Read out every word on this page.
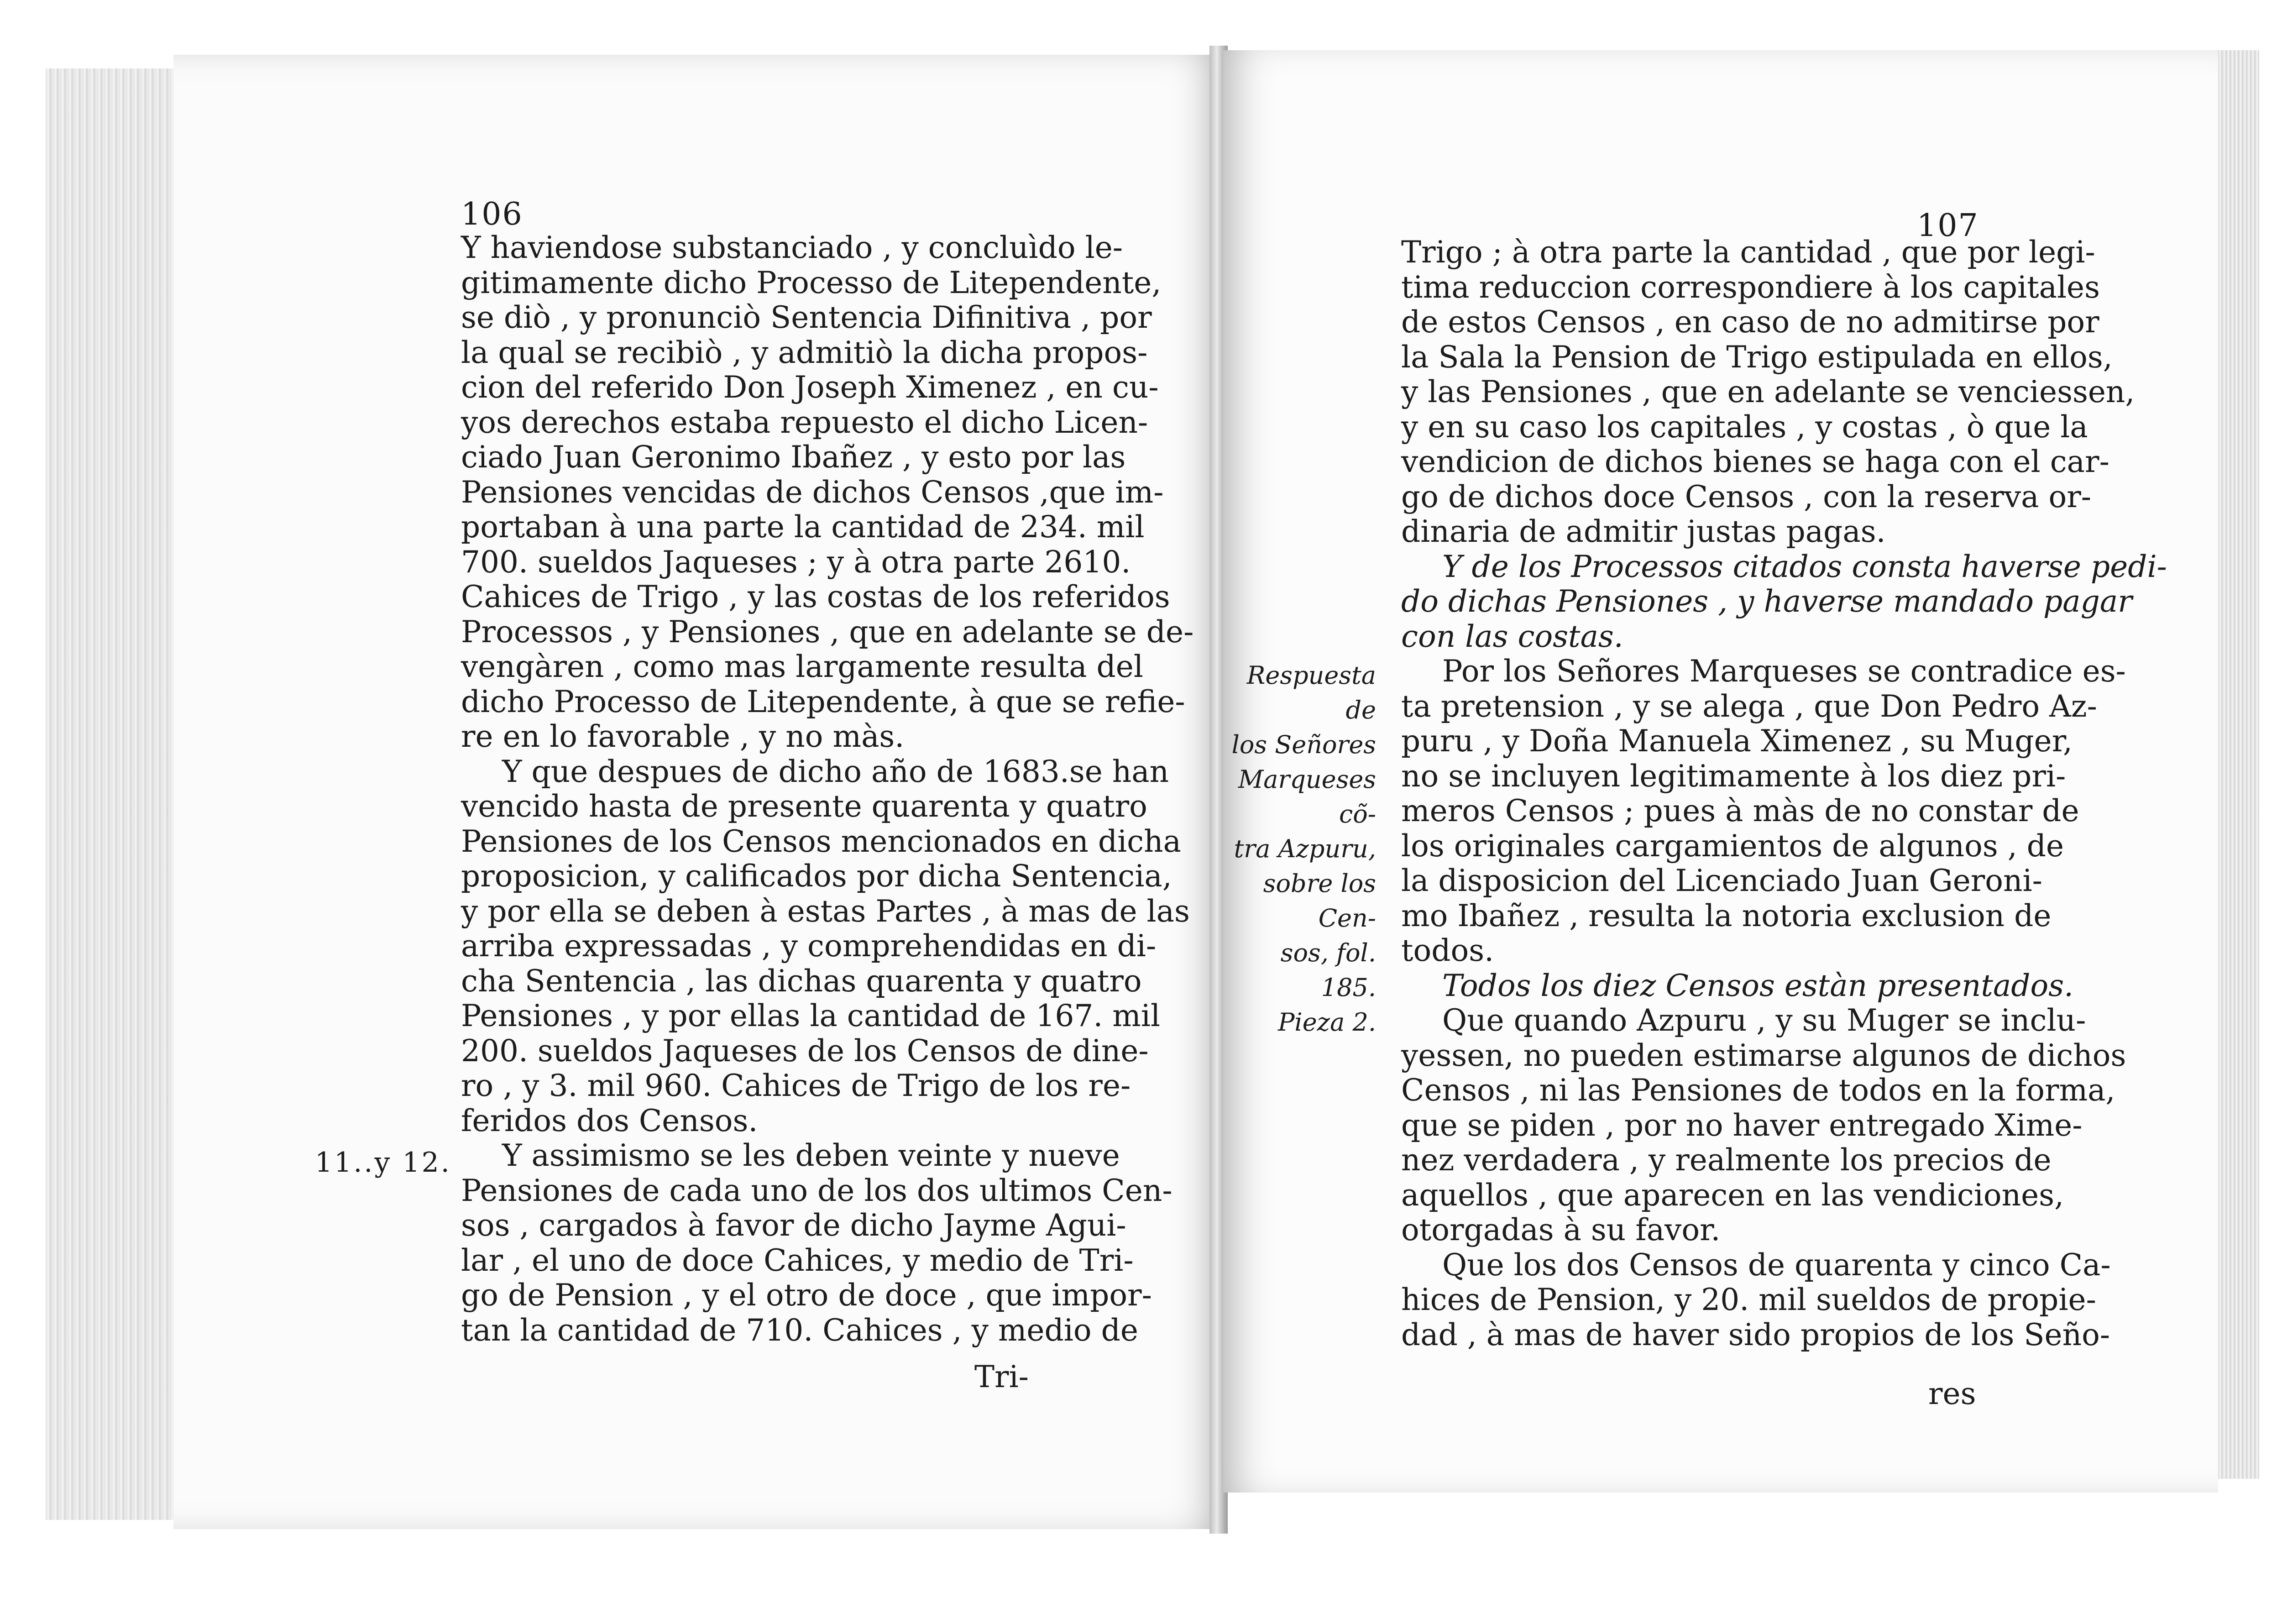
106

Y haviendose substanciado , y concluìdo le-
gitimamente dicho Processo de Litependente,
se diò , y pronunciò Sentencia Difinitiva , por
la qual se recibiò , y admitiò la dicha propos-
cion del referido Don Joseph Ximenez , en cu-
yos derechos estaba repuesto el dicho Licen-
ciado Juan Geronimo Ibañez , y esto por las
Pensiones vencidas de dichos Censos ,que im-
portaban à una parte la cantidad de 234. mil
700. sueldos Jaqueses ; y à otra parte 2610.
Cahices de Trigo , y las costas de los referidos
Processos , y Pensiones , que en adelante se de-
vengàren , como mas largamente resulta del
dicho Processo de Litependente, à que se refie-
re en lo favorable , y no màs.

Y que despues de dicho año de 1683.se han
vencido hasta de presente quarenta y quatro
Pensiones de los Censos mencionados en dicha
proposicion, y calificados por dicha Sentencia,
y por ella se deben à estas Partes , à mas de las
arriba expressadas , y comprehendidas en di-
cha Sentencia , las dichas quarenta y quatro
Pensiones , y por ellas la cantidad de 167. mil
200. sueldos Jaqueses de los Censos de dine-
ro , y 3. mil 960. Cahices de Trigo de los re-
feridos dos Censos.

Y assimismo se les deben veinte y nueve
Pensiones de cada uno de los dos ultimos Cen-
sos , cargados à favor de dicho Jayme Agui-
lar , el uno de doce Cahices, y medio de Tri-
go de Pension , y el otro de doce , que impor-
tan la cantidad de 710. Cahices , y medio de

11..y 12.
Tri-
107
Respuesta de
los Señores
Marqueses cõ-
tra Azpuru,
sobre los Cen-
sos, fol. 185.
Pieza 2.

Trigo ; à otra parte la cantidad , que por legi-
tima reduccion correspondiere à los capitales
de estos Censos , en caso de no admitirse por
la Sala la Pension de Trigo estipulada en ellos,
y las Pensiones , que en adelante se venciessen,
y en su caso los capitales , y costas , ò que la
vendicion de dichos bienes se haga con el car-
go de dichos doce Censos , con la reserva or-
dinaria de admitir justas pagas.

Y de los Processos citados consta haverse pedi-
do dichas Pensiones , y haverse mandado pagar
con las costas.

Por los Señores Marqueses se contradice es-
ta pretension , y se alega , que Don Pedro Az-
puru , y Doña Manuela Ximenez , su Muger,
no se incluyen legitimamente à los diez pri-
meros Censos ; pues à màs de no constar de
los originales cargamientos de algunos , de
la disposicion del Licenciado Juan Geroni-
mo Ibañez , resulta la notoria exclusion de
todos.

Todos los diez Censos estàn presentados.

Que quando Azpuru , y su Muger se inclu-
yessen, no pueden estimarse algunos de dichos
Censos , ni las Pensiones de todos en la forma,
que se piden , por no haver entregado Xime-
nez verdadera , y realmente los precios de
aquellos , que aparecen en las vendiciones,
otorgadas à su favor.

Que los dos Censos de quarenta y cinco Ca-
hices de Pension, y 20. mil sueldos de propie-
dad , à mas de haver sido propios de los Seño-

res
